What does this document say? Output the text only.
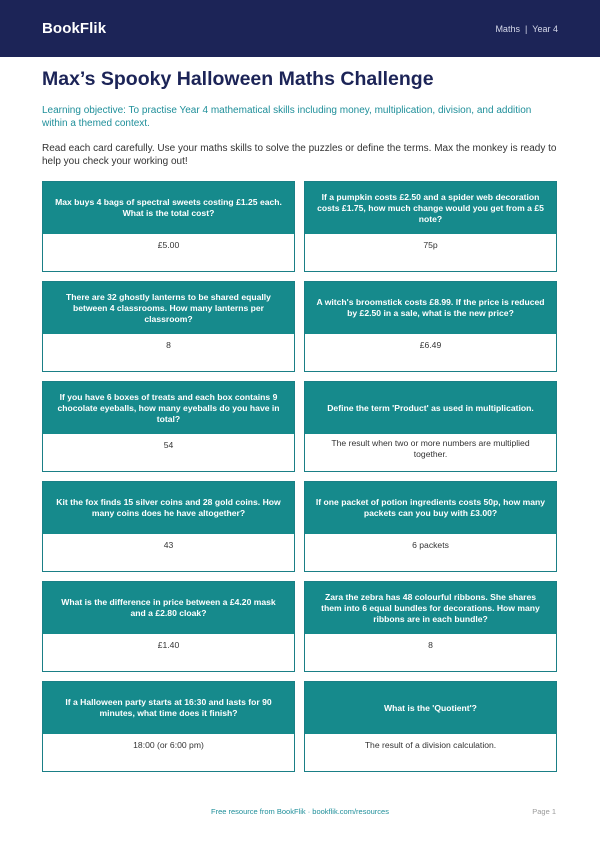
BookFlik	Maths | Year 4
Max’s Spooky Halloween Maths Challenge

Learning objective: To practise Year 4 mathematical skills including money, multiplication, division, and addition within a themed context.

Read each card carefully. Use your maths skills to solve the puzzles or define the terms. Max the monkey is ready to help you check your working out!

Max buys 4 bags of spectral sweets costing £1.25 each. What is the total cost?
£5.00
If a pumpkin costs £2.50 and a spider web decoration costs £1.75, how much change would you get from a £5 note?
75p
There are 32 ghostly lanterns to be shared equally between 4 classrooms. How many lanterns per classroom?
8
A witch's broomstick costs £8.99. If the price is reduced by £2.50 in a sale, what is the new price?
£6.49
If you have 6 boxes of treats and each box contains 9 chocolate eyeballs, how many eyeballs do you have in total?
54
Define the term 'Product' as used in multiplication.
The result when two or more numbers are multiplied together.
Kit the fox finds 15 silver coins and 28 gold coins. How many coins does he have altogether?
43
If one packet of potion ingredients costs 50p, how many packets can you buy with £3.00?
6 packets
What is the difference in price between a £4.20 mask and a £2.80 cloak?
£1.40
Zara the zebra has 48 colourful ribbons. She shares them into 6 equal bundles for decorations. How many ribbons are in each bundle?
8
If a Halloween party starts at 16:30 and lasts for 90 minutes, what time does it finish?
18:00 (or 6:00 pm)
What is the 'Quotient'?
The result of a division calculation.
Free resource from BookFlik · bookflik.com/resources	Page 1
